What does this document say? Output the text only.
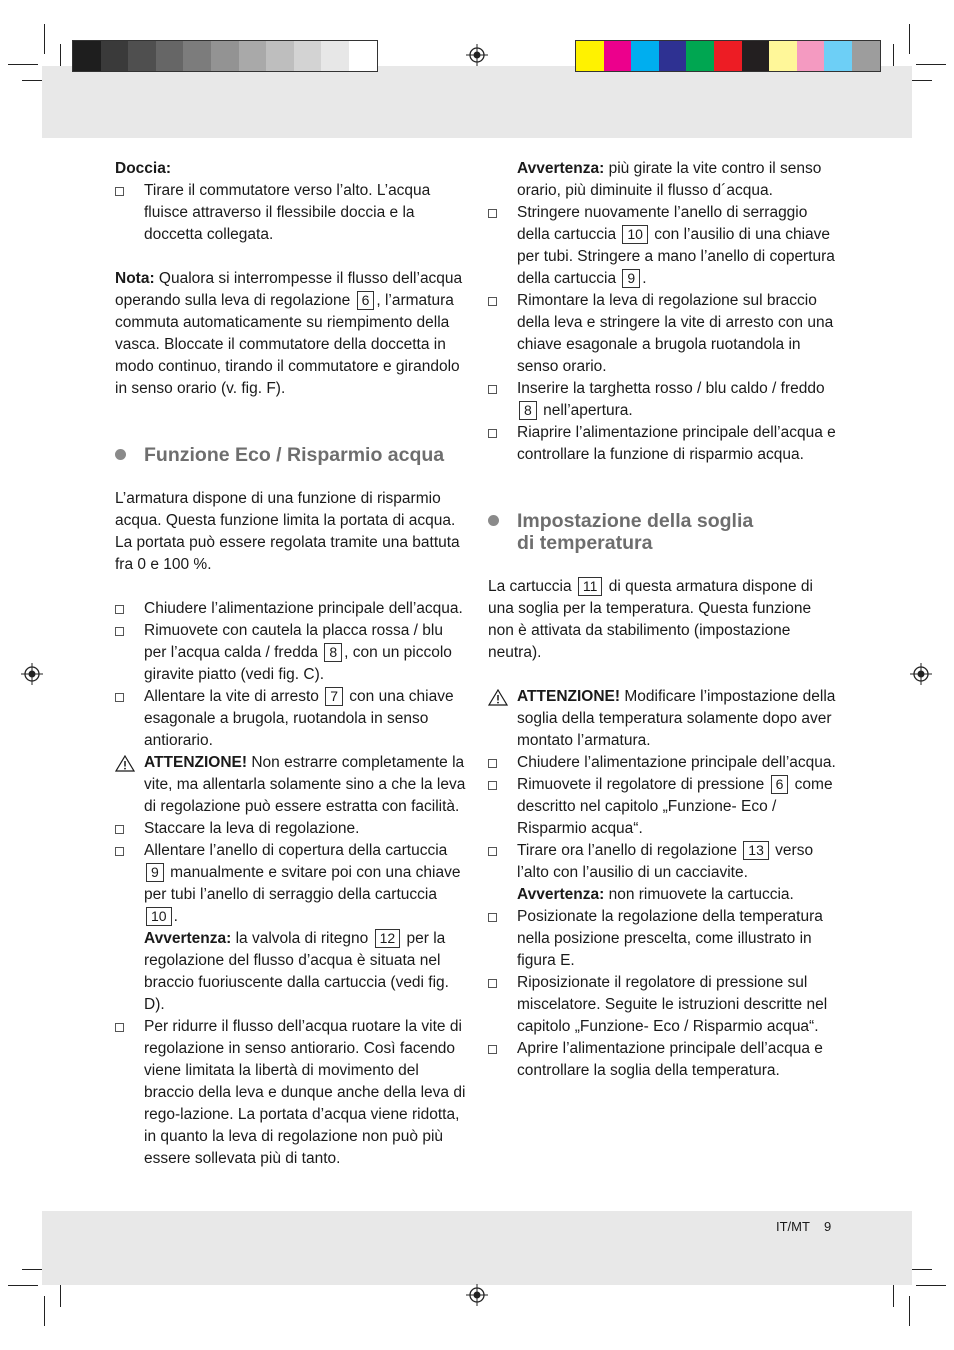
Doccia:

Tirare il commutatore verso l’alto. L’acqua fluisce attraverso il flessibile doccia e la doccetta collegata.

Nota: Qualora si interrompesse il flusso dell’acqua operando sulla leva di regolazione 6 , l’armatura commuta automaticamente su riempimento della vasca. Bloccate il commutatore della doccetta in modo continuo, tirando il commutatore e girandolo in senso orario (v. fig. F).

Funzione Eco / Risparmio acqua

L’armatura dispone di una funzione di risparmio acqua. Questa funzione limita la portata di acqua. La portata può essere regolata tramite una battuta fra 0 e 100 %.

Chiudere l’alimentazione principale dell’acqua.
Rimuovete con cautela la placca rossa / blu per l’acqua calda / fredda 8 , con un piccolo giravite piatto (vedi fig. C).
Allentare la vite di arresto 7 con una chiave esagonale a brugola, ruotandola in senso antiorario.
ATTENZIONE! Non estrarre completamente la vite, ma allentarla solamente sino a che la leva di regolazione può essere estratta con facilità.
Staccare la leva di regolazione.
Allentare l’anello di copertura della cartuccia 9 manualmente e svitare poi con una chiave per tubi l’anello di serraggio della cartuccia 10 .
Avvertenza: la valvola di ritegno 12 per la regolazione del flusso d’acqua è situata nel braccio fuoriuscente dalla cartuccia (vedi fig. D).
Per ridurre il flusso dell’acqua ruotare la vite di regolazione in senso antiorario. Così facendo viene limitata la libertà di movimento del braccio della leva e dunque anche della leva di rego-lazione. La portata d’acqua viene ridotta, in quanto la leva di regolazione non può più essere sollevata più di tanto.

Avvertenza: più girate la vite contro il senso orario, più diminuite il flusso d´acqua.

Stringere nuovamente l’anello di serraggio della cartuccia 10 con l’ausilio di una chiave per tubi. Stringere a mano l’anello di copertura della cartuccia 9 .
Rimontare la leva di regolazione sul braccio della leva e stringere la vite di arresto con una chiave esagonale a brugola ruotandola in senso orario.
Inserire la targhetta rosso / blu caldo / freddo 8 nell’apertura.
Riaprire l’alimentazione principale dell’acqua e controllare la funzione di risparmio acqua.
Impostazione della soglia
di temperatura

La cartuccia 11 di questa armatura dispone di una soglia per la temperatura. Questa funzione non è attivata da stabilimento (impostazione neutra).

ATTENZIONE! Modificare l’impostazione della soglia della temperatura solamente dopo aver montato l’armatura.
Chiudere l’alimentazione principale dell’acqua.
Rimuovete il regolatore di pressione 6 come descritto nel capitolo „Funzione- Eco / Risparmio acqua“.
Tirare ora l’anello di regolazione 13 verso l’alto con l’ausilio di un cacciavite.
Avvertenza: non rimuovete la cartuccia.
Posizionate la regolazione della temperatura nella posizione prescelta, come illustrato in figura E.
Riposizionate il regolatore di pressione sul miscelatore. Seguite le istruzioni descritte nel capitolo „Funzione- Eco / Risparmio acqua“.
Aprire l’alimentazione principale dell’acqua e controllare la soglia della temperatura.
IT/MT 9
